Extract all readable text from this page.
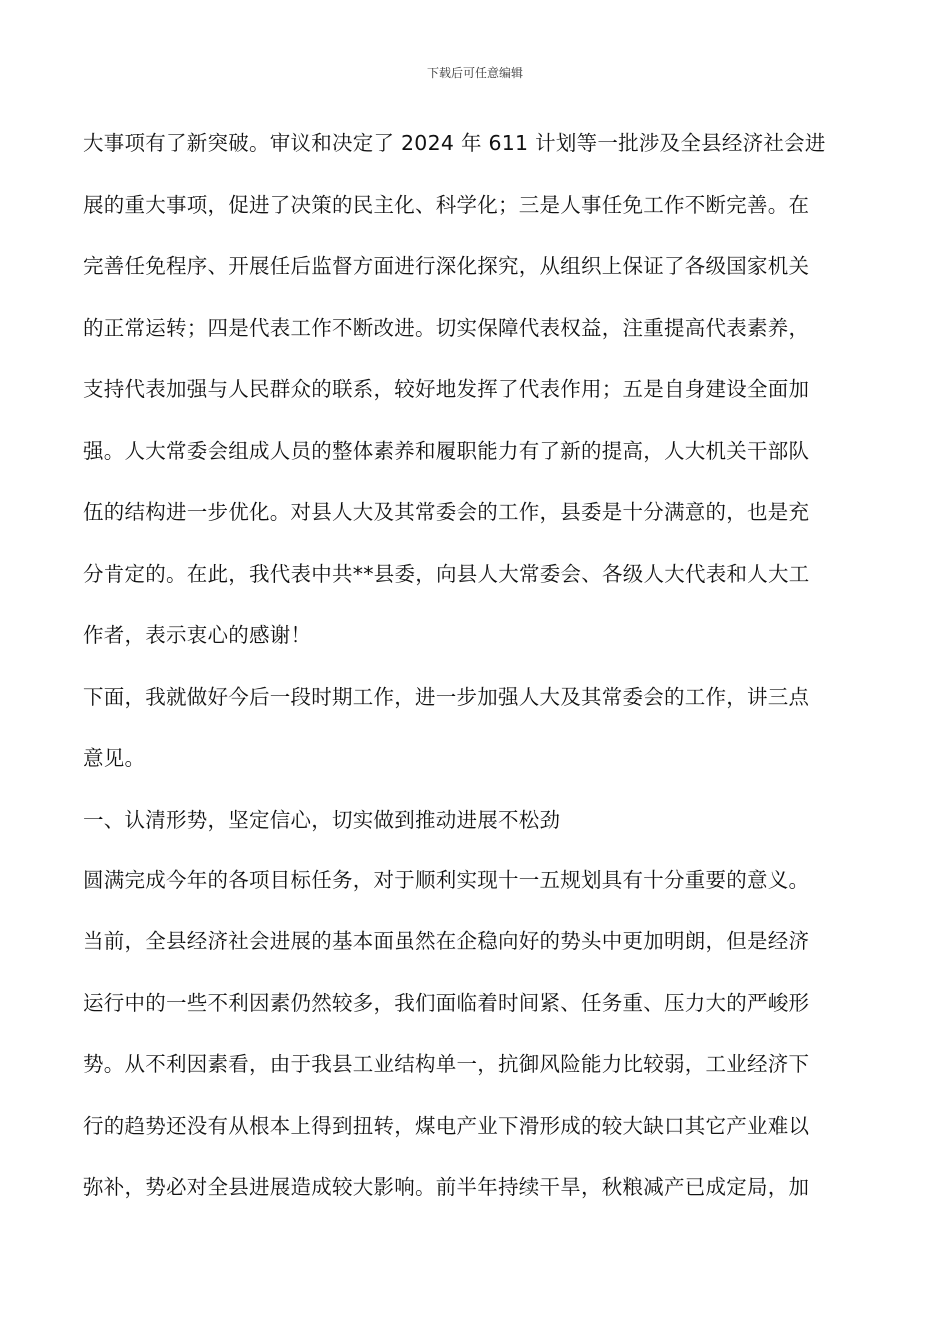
下载后可任意编辑
大事项有了新突破。审议和决定了 2024 年 611 计划等一批涉及全县经济社会进
展的重大事项，促进了决策的民主化、科学化；三是人事任免工作不断完善。在
完善任免程序、开展任后监督方面进行深化探究，从组织上保证了各级国家机关
的正常运转；四是代表工作不断改进。切实保障代表权益，注重提高代表素养，
支持代表加强与人民群众的联系，较好地发挥了代表作用；五是自身建设全面加
强。人大常委会组成人员的整体素养和履职能力有了新的提高，人大机关干部队
伍的结构进一步优化。对县人大及其常委会的工作，县委是十分满意的，也是充
分肯定的。在此，我代表中共**县委，向县人大常委会、各级人大代表和人大工
作者，表示衷心的感谢！
下面，我就做好今后一段时期工作，进一步加强人大及其常委会的工作，讲三点
意见。
一、认清形势，坚定信心，切实做到推动进展不松劲
圆满完成今年的各项目标任务，对于顺利实现十一五规划具有十分重要的意义。
当前，全县经济社会进展的基本面虽然在企稳向好的势头中更加明朗，但是经济
运行中的一些不利因素仍然较多，我们面临着时间紧、任务重、压力大的严峻形
势。从不利因素看，由于我县工业结构单一，抗御风险能力比较弱，工业经济下
行的趋势还没有从根本上得到扭转，煤电产业下滑形成的较大缺口其它产业难以
弥补，势必对全县进展造成较大影响。前半年持续干旱，秋粮减产已成定局，加
